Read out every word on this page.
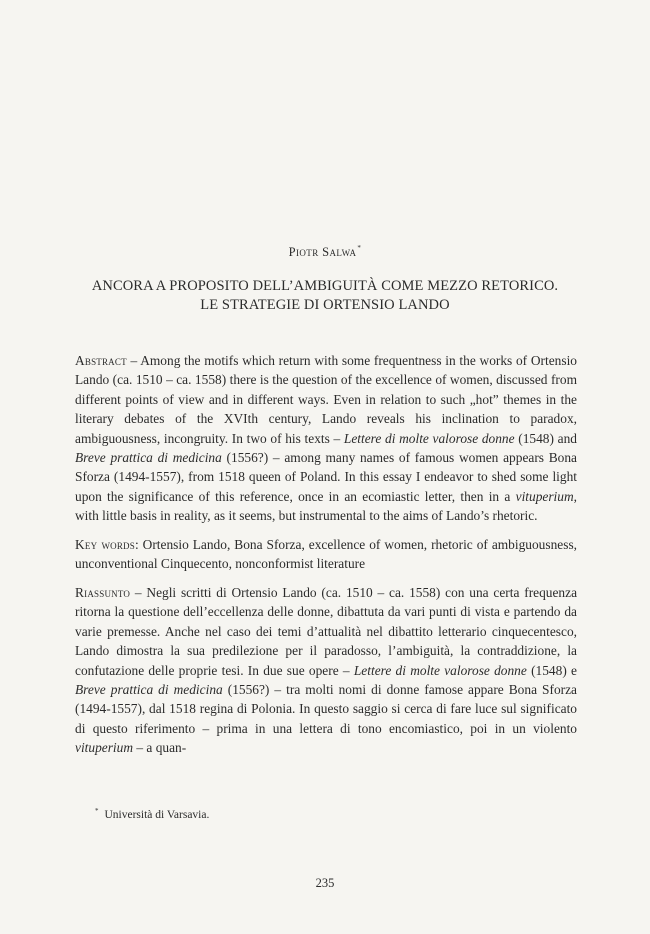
Piotr Salwa*
ANCORA A PROPOSITO DELL’AMBIGUITÀ COME MEZZO RETORICO.
LE STRATEGIE DI ORTENSIO LANDO
Abstract – Among the motifs which return with some frequentness in the works of Ortensio Lando (ca. 1510 – ca. 1558) there is the question of the excellence of women, discussed from different points of view and in different ways. Even in relation to such „hot” themes in the literary debates of the XVIth century, Lando reveals his inclination to paradox, ambiguousness, incongruity. In two of his texts – Lettere di molte valorose donne (1548) and Breve prattica di medicina (1556?) – among many names of famous women appears Bona Sforza (1494-1557), from 1518 queen of Poland. In this essay I endeavor to shed some light upon the significance of this reference, once in an ecomiastic letter, then in a vituperium, with little basis in reality, as it seems, but instrumental to the aims of Lando’s rhetoric.
Key words: Ortensio Lando, Bona Sforza, excellence of women, rhetoric of ambiguousness, unconventional Cinquecento, nonconformist literature
Riassunto – Negli scritti di Ortensio Lando (ca. 1510 – ca. 1558) con una certa frequenza ritorna la questione dell’eccellenza delle donne, dibattuta da vari punti di vista e partendo da varie premesse. Anche nel caso dei temi d’attualità nel dibattito letterario cinquecentesco, Lando dimostra la sua predilezione per il paradosso, l’ambiguità, la contraddizione, la confutazione delle proprie tesi. In due sue opere – Lettere di molte valorose donne (1548) e Breve prattica di medicina (1556?) – tra molti nomi di donne famose appare Bona Sforza (1494-1557), dal 1518 regina di Polonia. In questo saggio si cerca di fare luce sul significato di questo riferimento – prima in una lettera di tono encomiastico, poi in un violento vituperium – a quan-
* Università di Varsavia.
235
